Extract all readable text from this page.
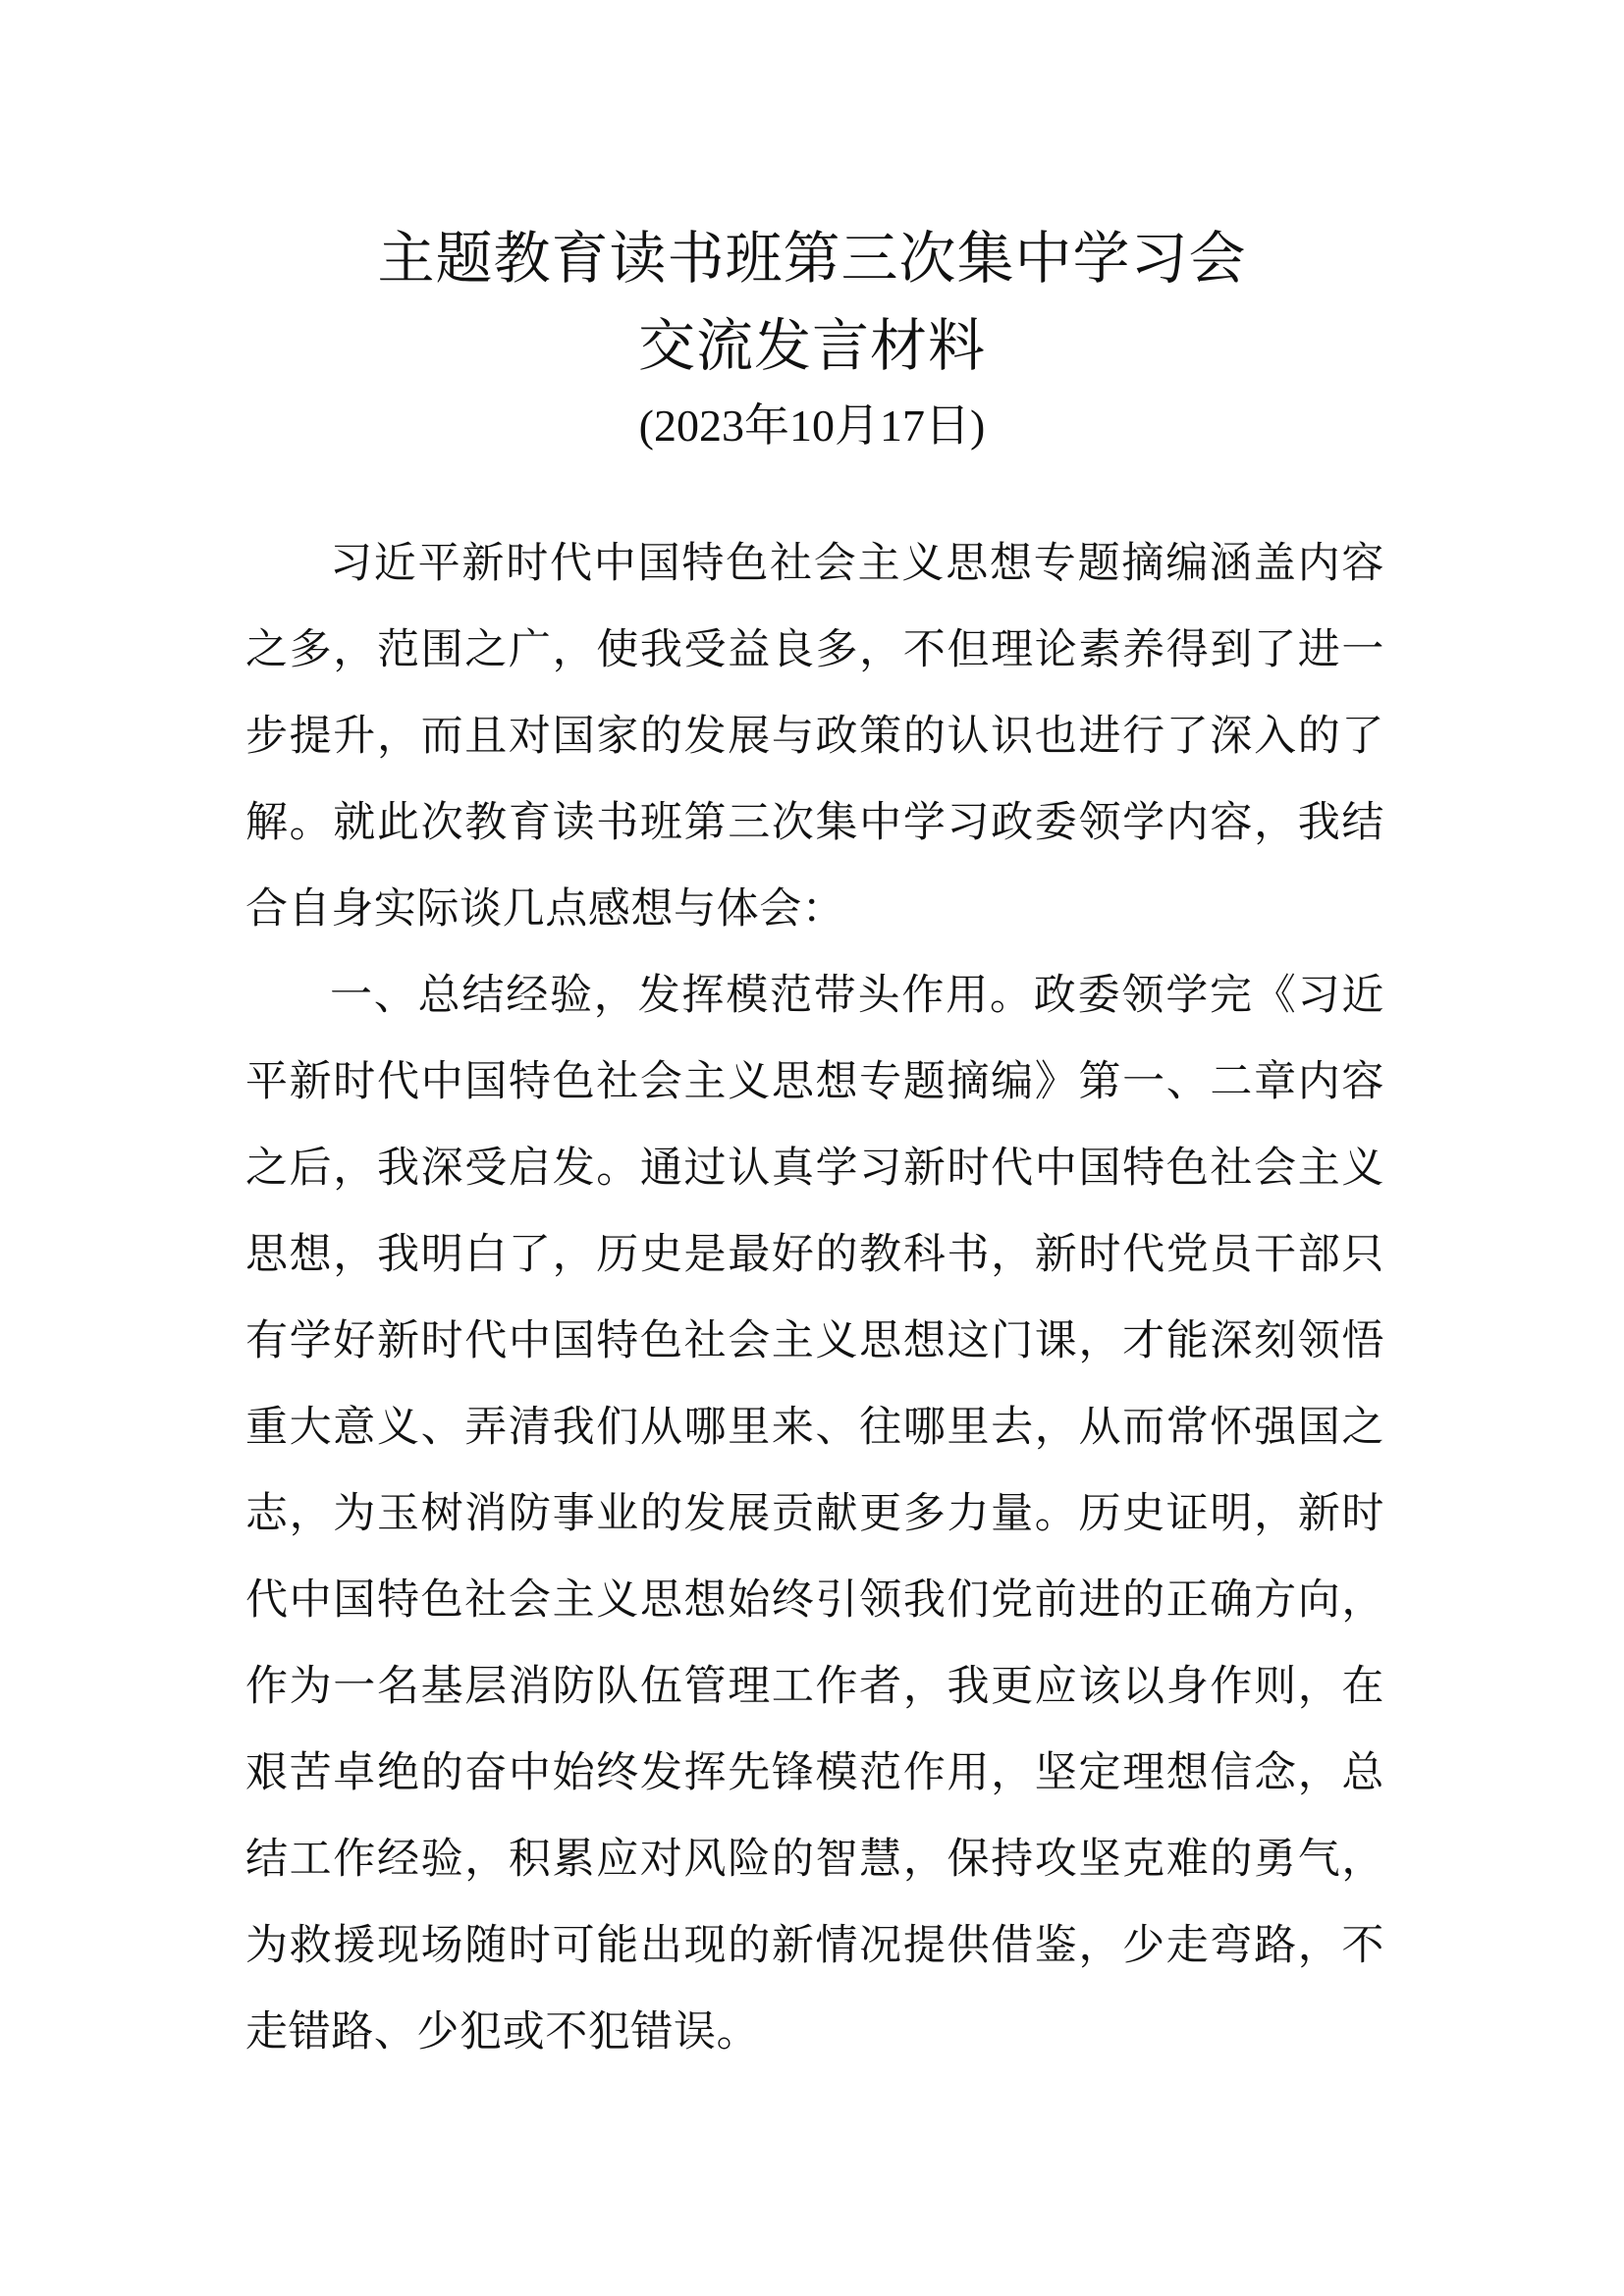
主题教育读书班第三次集中学习会
交流发言材料

(2023年10月17日)

习近平新时代中国特色社会主义思想专题摘编涵盖内容之多，范围之广，使我受益良多，不但理论素养得到了进一步提升，而且对国家的发展与政策的认识也进行了深入的了解。就此次教育读书班第三次集中学习政委领学内容，我结合自身实际谈几点感想与体会：

一、总结经验，发挥模范带头作用。政委领学完《习近平新时代中国特色社会主义思想专题摘编》第一、二章内容之后，我深受启发。通过认真学习新时代中国特色社会主义思想，我明白了，历史是最好的教科书，新时代党员干部只有学好新时代中国特色社会主义思想这门课，才能深刻领悟重大意义、弄清我们从哪里来、往哪里去，从而常怀强国之志，为玉树消防事业的发展贡献更多力量。历史证明，新时代中国特色社会主义思想始终引领我们党前进的正确方向，作为一名基层消防队伍管理工作者，我更应该以身作则，在艰苦卓绝的奋中始终发挥先锋模范作用，坚定理想信念，总结工作经验，积累应对风险的智慧，保持攻坚克难的勇气，为救援现场随时可能出现的新情况提供借鉴，少走弯路，不走错路、少犯或不犯错误。
